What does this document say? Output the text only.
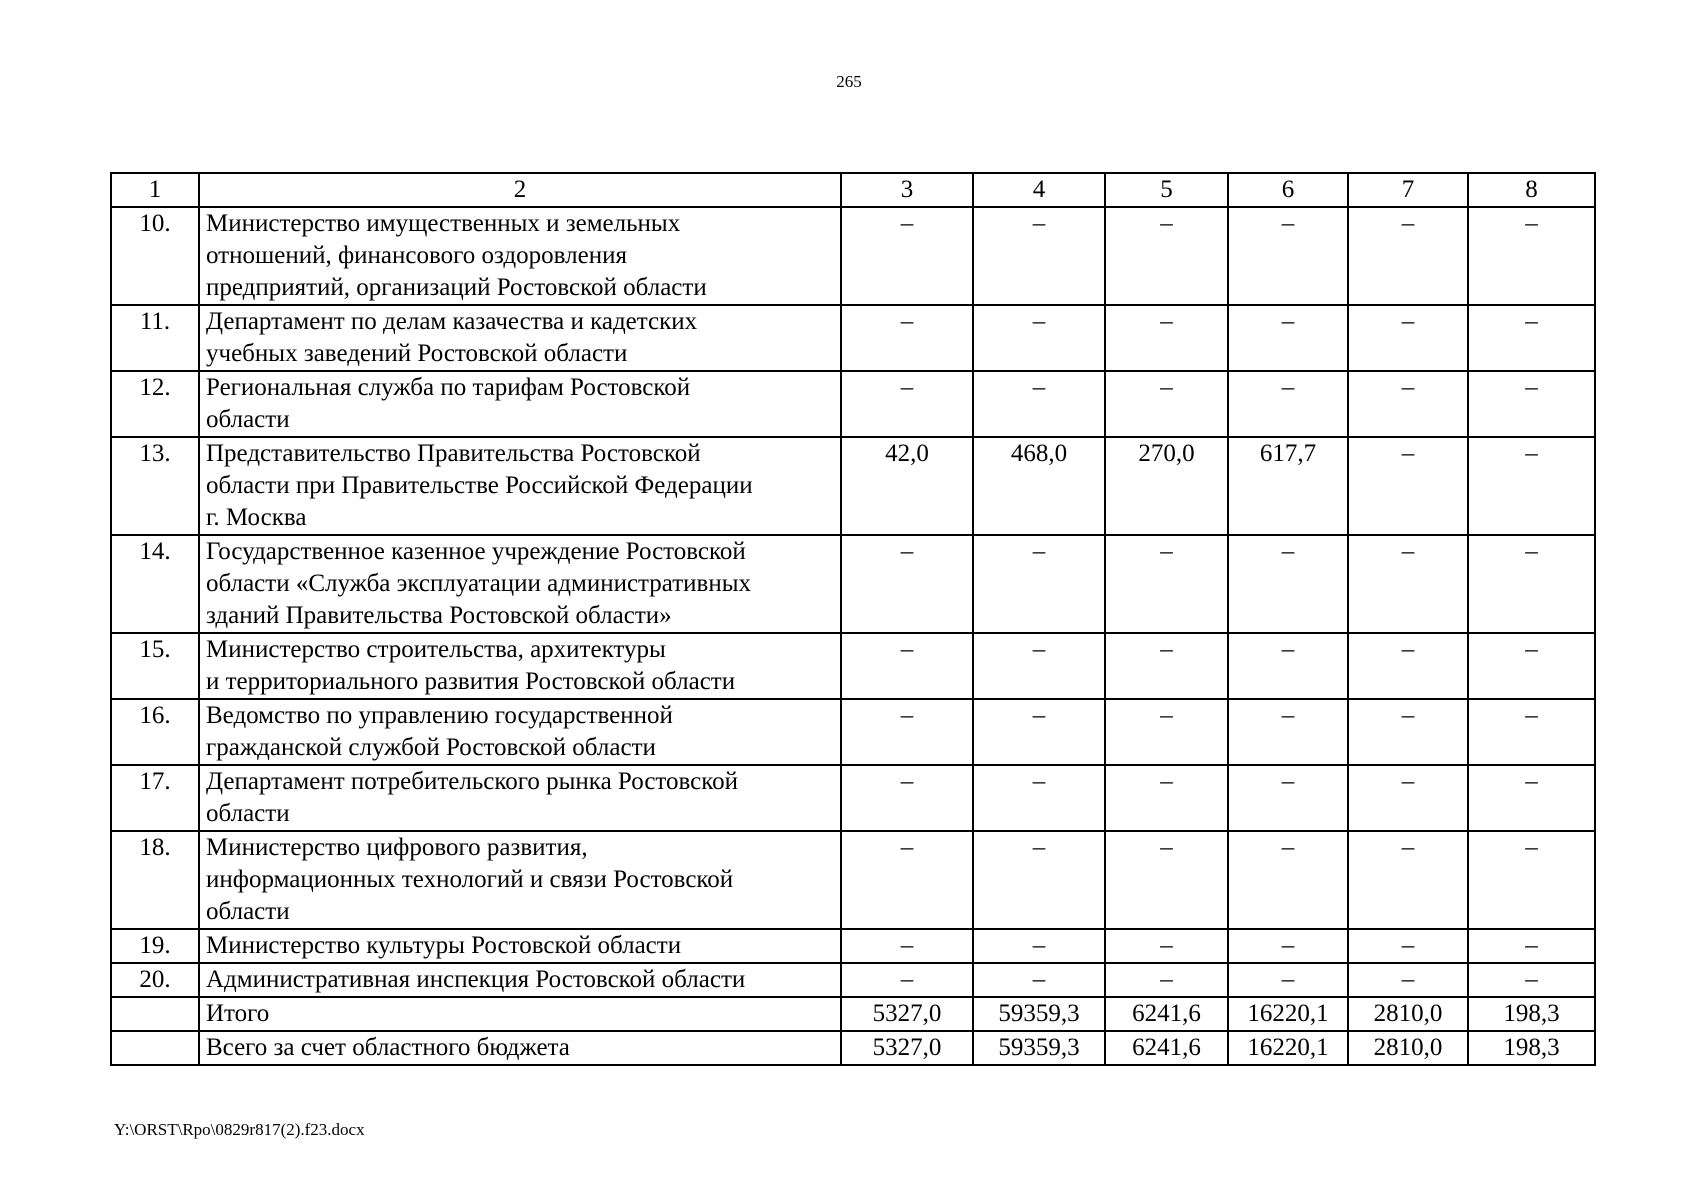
265
1	2	3	4	5	6	7	8
10.	Министерство имущественных и земельных
отношений, финансового оздоровления
предприятий, организаций Ростовской области	–	–	–	–	–	–
11.	Департамент по делам казачества и кадетских
учебных заведений Ростовской области	–	–	–	–	–	–
12.	Региональная служба по тарифам Ростовской
области	–	–	–	–	–	–
13.	Представительство Правительства Ростовской
области при Правительстве Российской Федерации
г. Москва	42,0	468,0	270,0	617,7	–	–
14.	Государственное казенное учреждение Ростовской
области «Служба эксплуатации административных
зданий Правительства Ростовской области»	–	–	–	–	–	–
15.	Министерство строительства, архитектуры
и территориального развития Ростовской области	–	–	–	–	–	–
16.	Ведомство по управлению государственной
гражданской службой Ростовской области	–	–	–	–	–	–
17.	Департамент потребительского рынка Ростовской
области	–	–	–	–	–	–
18.	Министерство цифрового развития,
информационных технологий и связи Ростовской
области	–	–	–	–	–	–
19.	Министерство культуры Ростовской области	–	–	–	–	–	–
20.	Административная инспекция Ростовской области	–	–	–	–	–	–

	Итого	5327,0	59359,3	6241,6	16220,1	2810,0	198,3

	Всего за счет областного бюджета	5327,0	59359,3	6241,6	16220,1	2810,0	198,3
Y:\ORST\Rpo\0829r817(2).f23.docx
